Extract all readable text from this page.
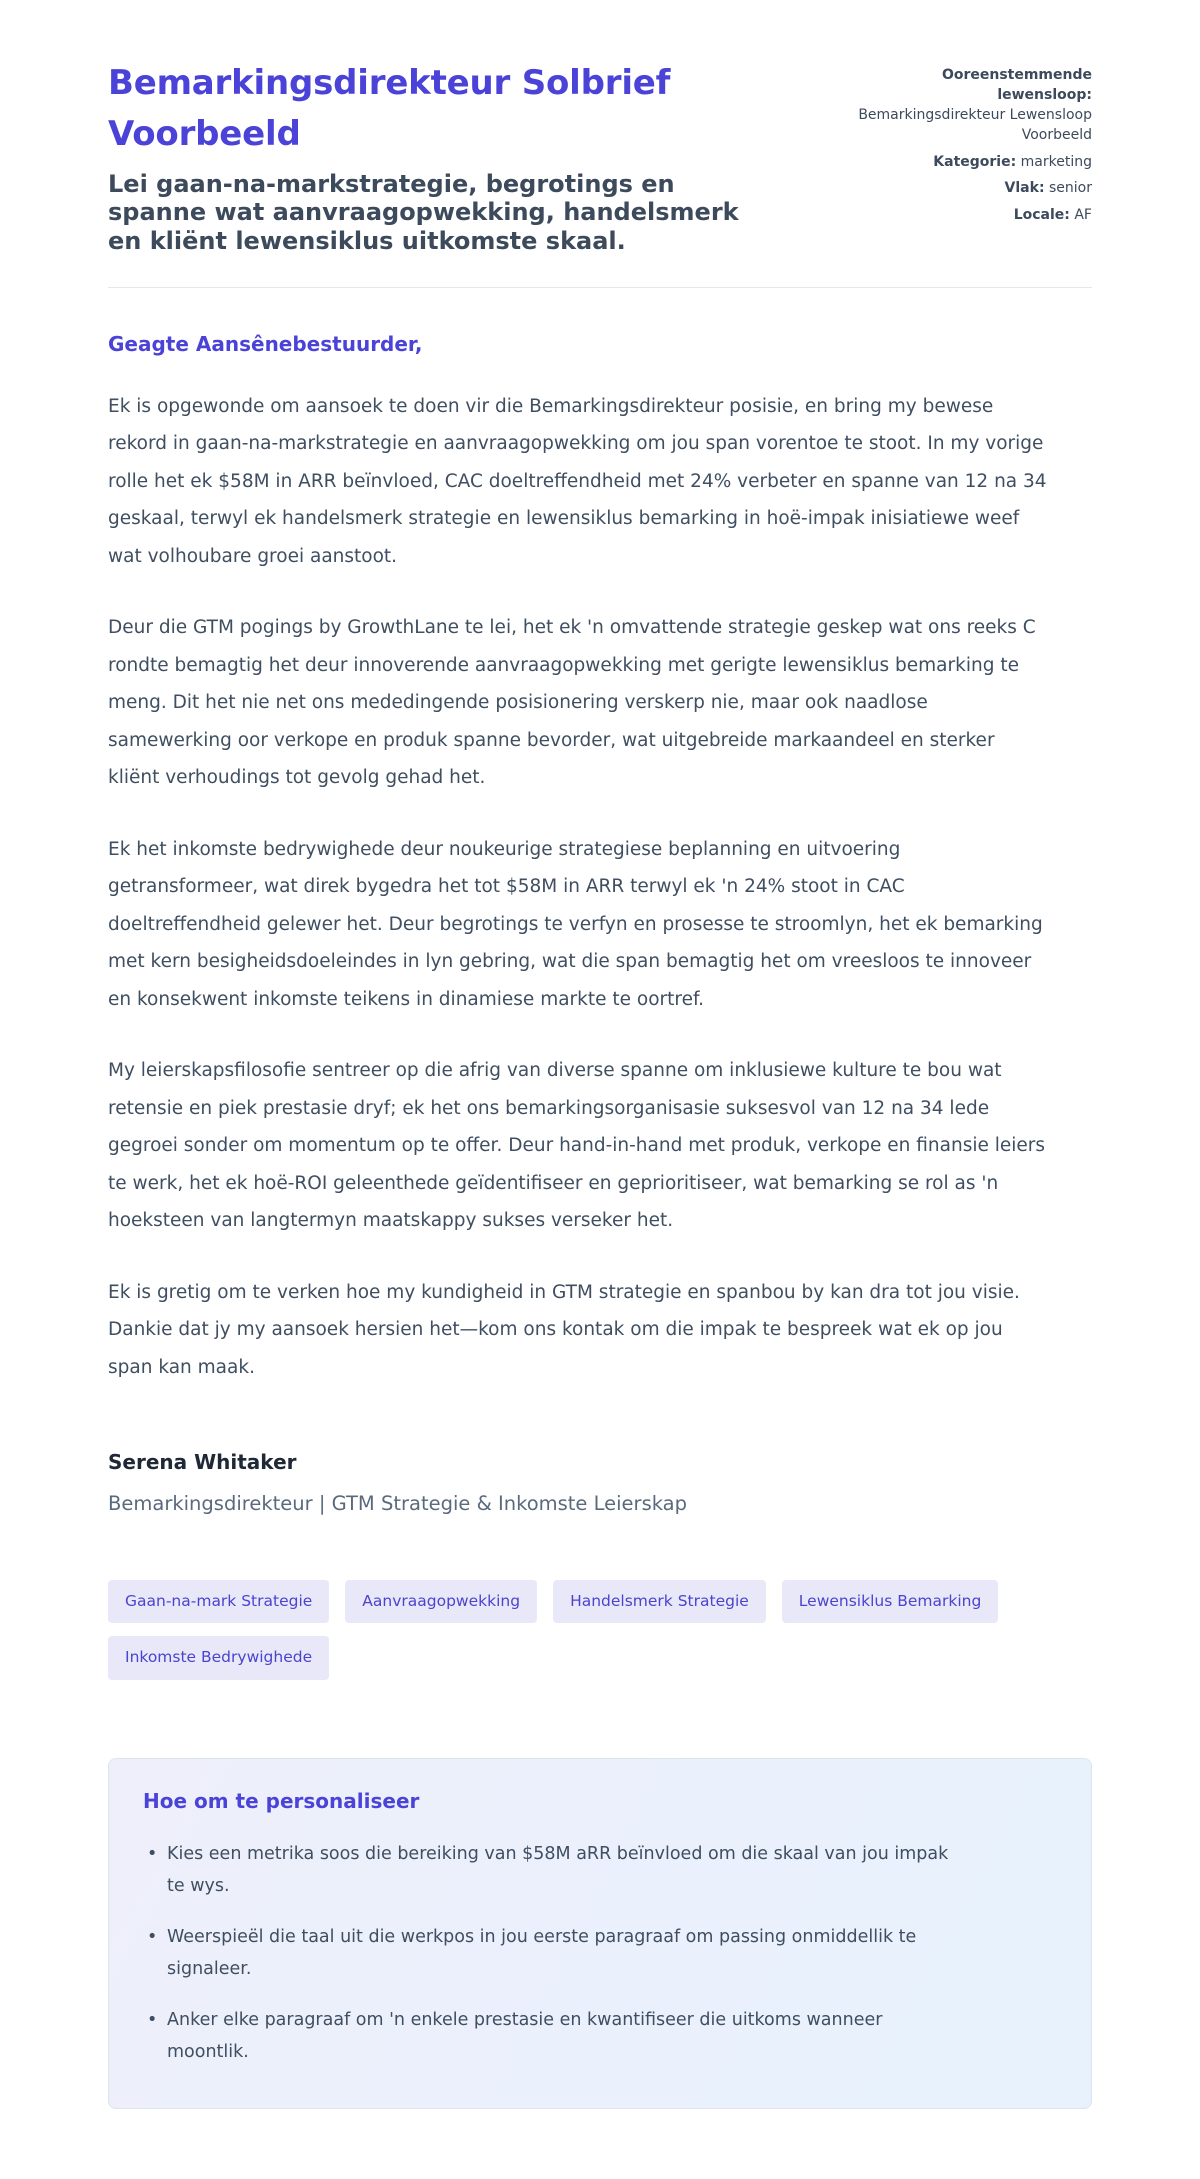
Bemarkingsdirekteur Solbrief Voorbeeld

Lei gaan-na-markstrategie, begrotings en spanne wat aanvraagopwekking, handelsmerk en kliënt lewensiklus uitkomste skaal.

Ooreenstemmende lewensloop: Bemarkingsdirekteur Lewensloop Voorbeeld
Kategorie: marketing
Vlak: senior
Locale: AF
Geagte Aansênebestuurder,

Ek is opgewonde om aansoek te doen vir die Bemarkingsdirekteur posisie, en bring my bewese rekord in gaan-na-markstrategie en aanvraagopwekking om jou span vorentoe te stoot. In my vorige rolle het ek $58M in ARR beïnvloed, CAC doeltreffendheid met 24% verbeter en spanne van 12 na 34 geskaal, terwyl ek handelsmerk strategie en lewensiklus bemarking in hoë-impak inisiatiewe weef wat volhoubare groei aanstoot.

Deur die GTM pogings by GrowthLane te lei, het ek 'n omvattende strategie geskep wat ons reeks C rondte bemagtig het deur innoverende aanvraagopwekking met gerigte lewensiklus bemarking te meng. Dit het nie net ons mededingende posisionering verskerp nie, maar ook naadlose samewerking oor verkope en produk spanne bevorder, wat uitgebreide markaandeel en sterker kliënt verhoudings tot gevolg gehad het.

Ek het inkomste bedrywighede deur noukeurige strategiese beplanning en uitvoering getransformeer, wat direk bygedra het tot $58M in ARR terwyl ek 'n 24% stoot in CAC doeltreffendheid gelewer het. Deur begrotings te verfyn en prosesse te stroomlyn, het ek bemarking met kern besigheidsdoeleindes in lyn gebring, wat die span bemagtig het om vreesloos te innoveer en konsekwent inkomste teikens in dinamiese markte te oortref.

My leierskapsfilosofie sentreer op die afrig van diverse spanne om inklusiewe kulture te bou wat retensie en piek prestasie dryf; ek het ons bemarkingsorganisasie suksesvol van 12 na 34 lede gegroei sonder om momentum op te offer. Deur hand-in-hand met produk, verkope en finansie leiers te werk, het ek hoë-ROI geleenthede geïdentifiseer en geprioritiseer, wat bemarking se rol as 'n hoeksteen van langtermyn maatskappy sukses verseker het.

Ek is gretig om te verken hoe my kundigheid in GTM strategie en spanbou by kan dra tot jou visie. Dankie dat jy my aansoek hersien het—kom ons kontak om die impak te bespreek wat ek op jou span kan maak.

Serena Whitaker

Bemarkingsdirekteur | GTM Strategie & Inkomste Leierskap

Gaan-na-mark Strategie	Aanvraagopwekking	Handelsmerk Strategie	Lewensiklus Bemarking
Inkomste Bedrywighede
Hoe om te personaliseer
• Kies een metrika soos die bereiking van $58M aRR beïnvloed om die skaal van jou impak te wys.
• Weerspieël die taal uit die werkpos in jou eerste paragraaf om passing onmiddellik te signaleer.
• Anker elke paragraaf om 'n enkele prestasie en kwantifiseer die uitkoms wanneer moontlik.
